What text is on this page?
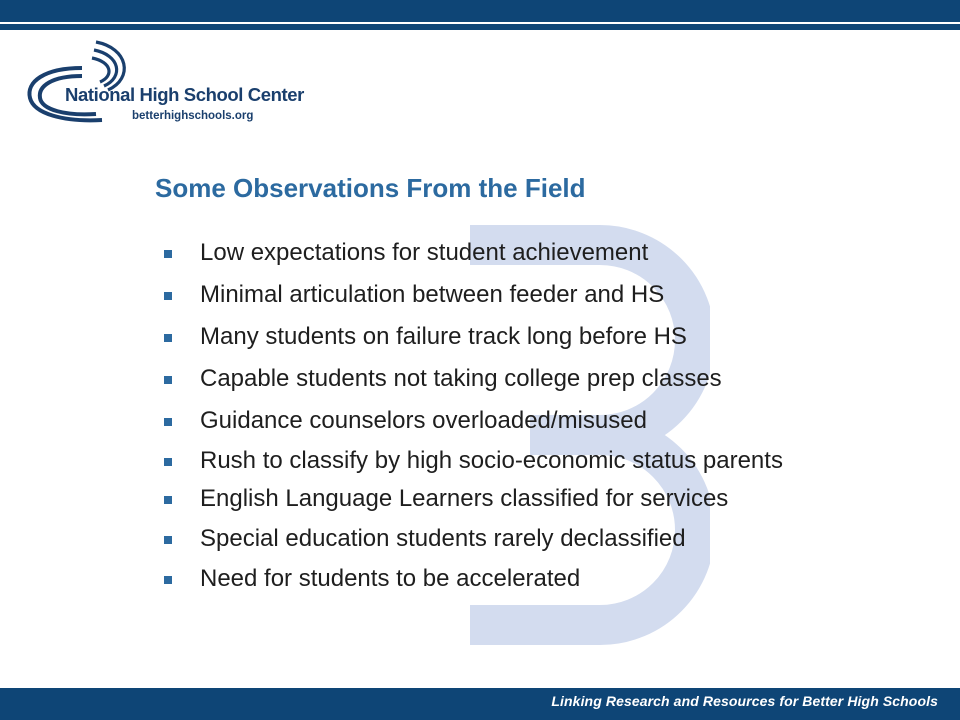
National High School Center
betterhighschools.org
Some Observations From the Field
Low expectations for student achievement
Minimal articulation between feeder and HS
Many students on failure track long before HS
Capable students not taking college prep classes
Guidance counselors overloaded/misused
Rush to classify by high socio-economic status parents
English Language Learners classified for services
Special education students rarely declassified
Need for students to be accelerated
Linking Research and Resources for Better High Schools
